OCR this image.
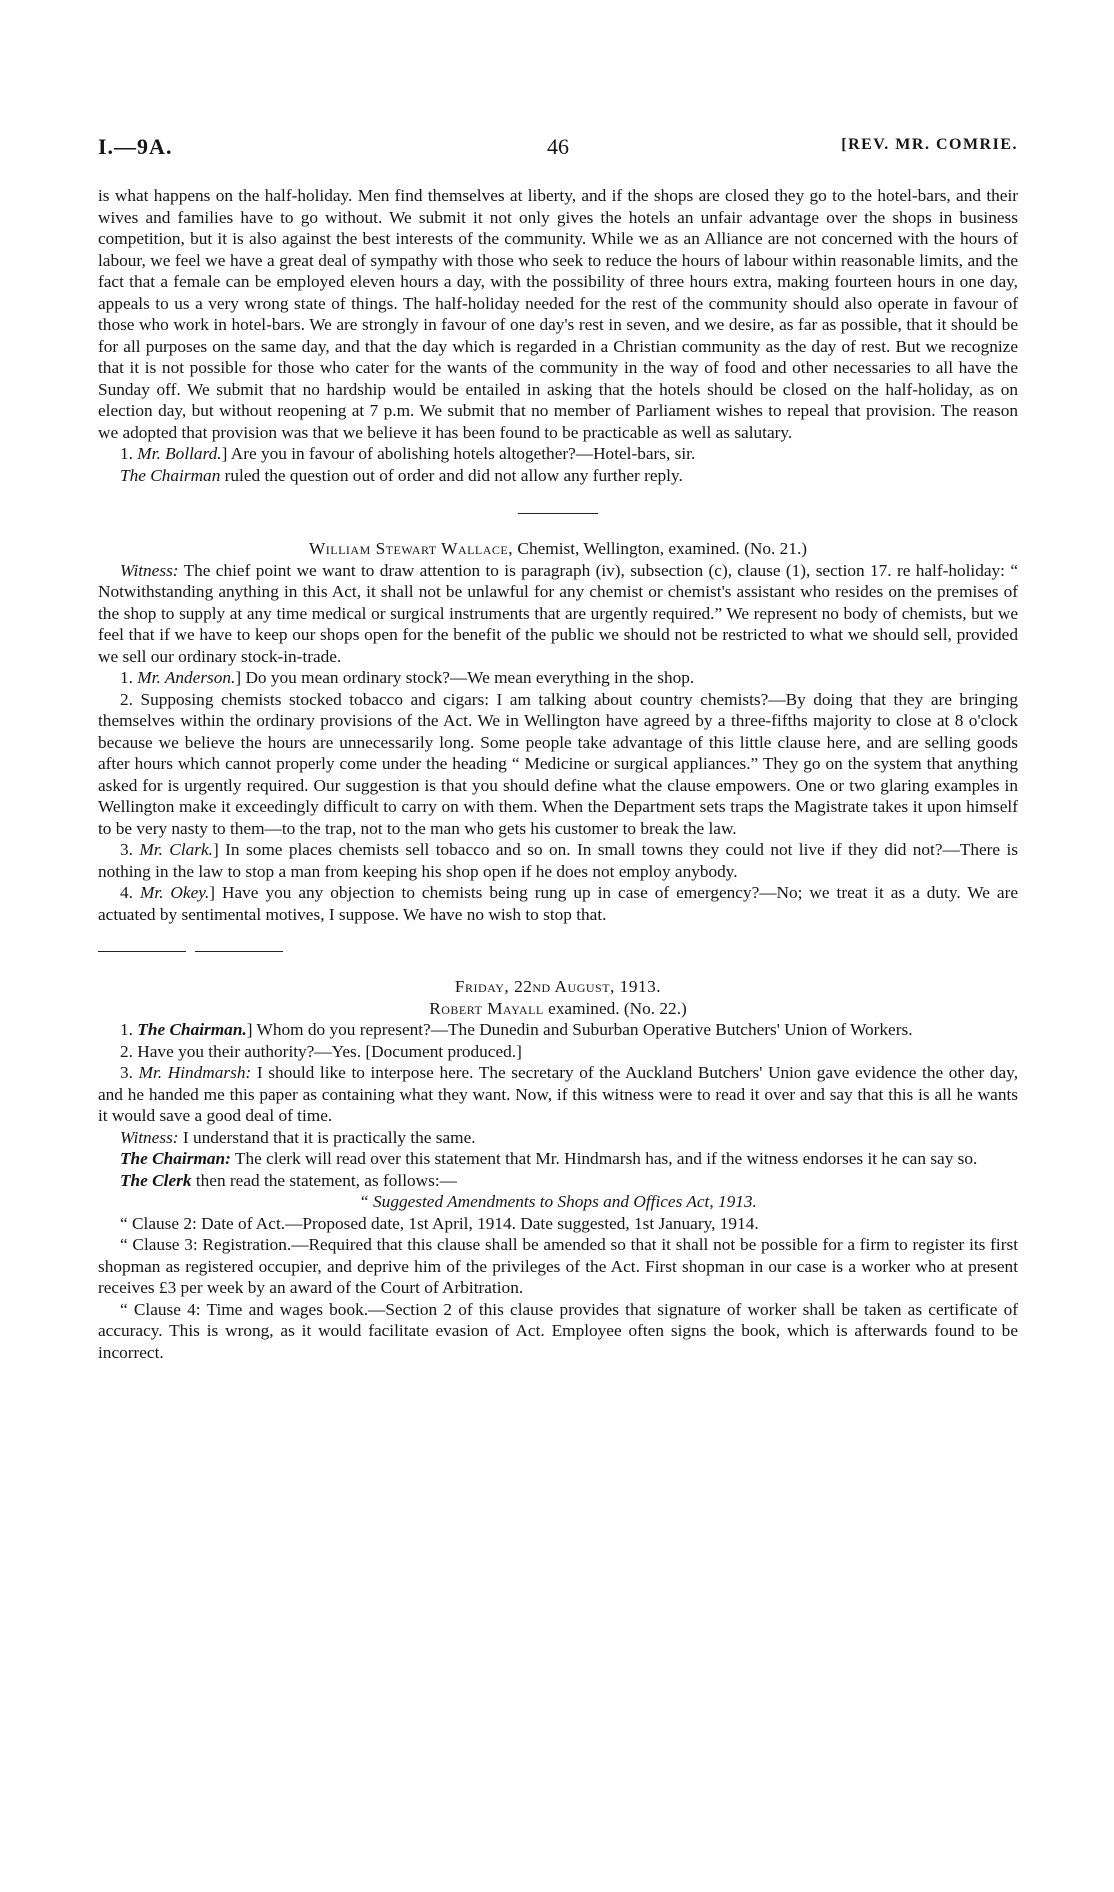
I.—9A.	46	[REV. MR. COMRIE.

is what happens on the half-holiday. Men find themselves at liberty, and if the shops are closed they go to the hotel-bars, and their wives and families have to go without. We submit it not only gives the hotels an unfair advantage over the shops in business competition, but it is also against the best interests of the community. While we as an Alliance are not concerned with the hours of labour, we feel we have a great deal of sympathy with those who seek to reduce the hours of labour within reasonable limits, and the fact that a female can be employed eleven hours a day, with the possibility of three hours extra, making fourteen hours in one day, appeals to us a very wrong state of things. The half-holiday needed for the rest of the community should also operate in favour of those who work in hotel-bars. We are strongly in favour of one day's rest in seven, and we desire, as far as possible, that it should be for all purposes on the same day, and that the day which is regarded in a Christian community as the day of rest. But we recognize that it is not possible for those who cater for the wants of the community in the way of food and other necessaries to all have the Sunday off. We submit that no hardship would be entailed in asking that the hotels should be closed on the half-holiday, as on election day, but without reopening at 7 p.m. We submit that no member of Parliament wishes to repeal that provision. The reason we adopted that provision was that we believe it has been found to be practicable as well as salutary.

1. Mr. Bollard.] Are you in favour of abolishing hotels altogether?—Hotel-bars, sir.

The Chairman ruled the question out of order and did not allow any further reply.

William Stewart Wallace, Chemist, Wellington, examined. (No. 21.)

Witness: The chief point we want to draw attention to is paragraph (iv), subsection (c), clause (1), section 17. re half-holiday: “ Notwithstanding anything in this Act, it shall not be unlawful for any chemist or chemist's assistant who resides on the premises of the shop to supply at any time medical or surgical instruments that are urgently required.” We represent no body of chemists, but we feel that if we have to keep our shops open for the benefit of the public we should not be restricted to what we should sell, provided we sell our ordinary stock-in-trade.

1. Mr. Anderson.] Do you mean ordinary stock?—We mean everything in the shop.

2. Supposing chemists stocked tobacco and cigars: I am talking about country chemists?—By doing that they are bringing themselves within the ordinary provisions of the Act. We in Wellington have agreed by a three-fifths majority to close at 8 o'clock because we believe the hours are unnecessarily long. Some people take advantage of this little clause here, and are selling goods after hours which cannot properly come under the heading “ Medicine or surgical appliances.” They go on the system that anything asked for is urgently required. Our suggestion is that you should define what the clause empowers. One or two glaring examples in Wellington make it exceedingly difficult to carry on with them. When the Department sets traps the Magistrate takes it upon himself to be very nasty to them—to the trap, not to the man who gets his customer to break the law.

3. Mr. Clark.] In some places chemists sell tobacco and so on. In small towns they could not live if they did not?—There is nothing in the law to stop a man from keeping his shop open if he does not employ anybody.

4. Mr. Okey.] Have you any objection to chemists being rung up in case of emergency?—No; we treat it as a duty. We are actuated by sentimental motives, I suppose. We have no wish to stop that.

Friday, 22nd August, 1913.

Robert Mayall examined. (No. 22.)

1. The Chairman.] Whom do you represent?—The Dunedin and Suburban Operative Butchers' Union of Workers.

2. Have you their authority?—Yes. [Document produced.]

3. Mr. Hindmarsh: I should like to interpose here. The secretary of the Auckland Butchers' Union gave evidence the other day, and he handed me this paper as containing what they want. Now, if this witness were to read it over and say that this is all he wants it would save a good deal of time.

Witness: I understand that it is practically the same.

The Chairman: The clerk will read over this statement that Mr. Hindmarsh has, and if the witness endorses it he can say so.

The Clerk then read the statement, as follows:—

“ Suggested Amendments to Shops and Offices Act, 1913.

“ Clause 2: Date of Act.—Proposed date, 1st April, 1914. Date suggested, 1st January, 1914.

“ Clause 3: Registration.—Required that this clause shall be amended so that it shall not be possible for a firm to register its first shopman as registered occupier, and deprive him of the privileges of the Act. First shopman in our case is a worker who at present receives £3 per week by an award of the Court of Arbitration.

“ Clause 4: Time and wages book.—Section 2 of this clause provides that signature of worker shall be taken as certificate of accuracy. This is wrong, as it would facilitate evasion of Act. Employee often signs the book, which is afterwards found to be incorrect.
